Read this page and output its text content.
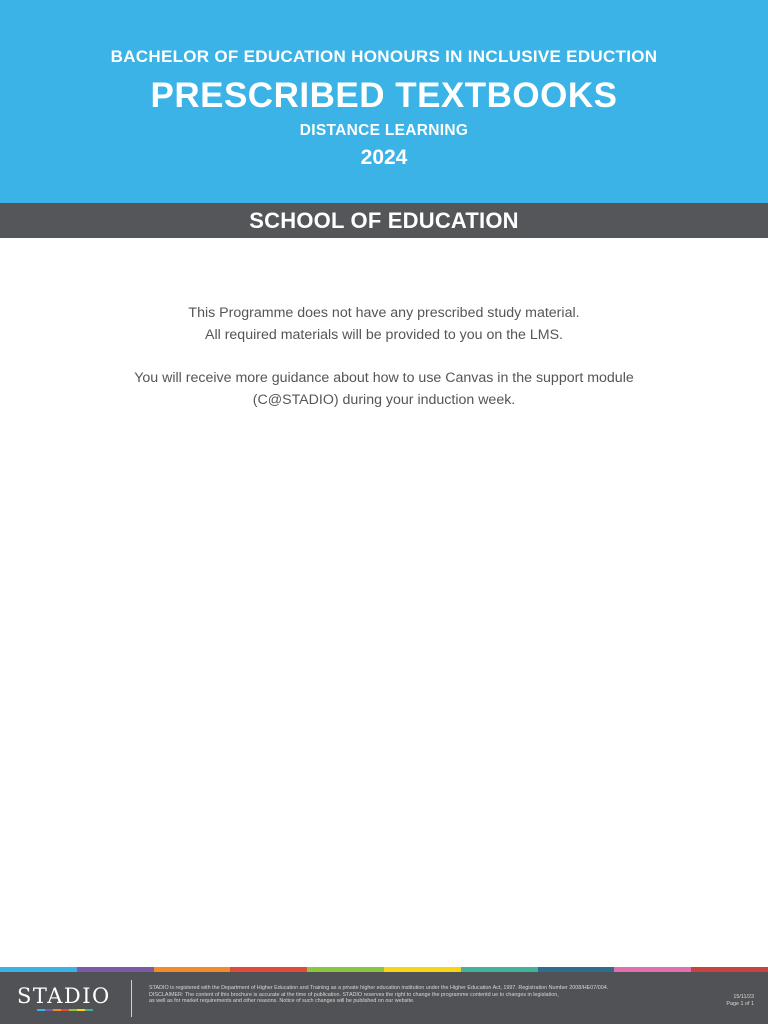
BACHELOR OF EDUCATION HONOURS IN INCLUSIVE EDUCTION
PRESCRIBED TEXTBOOKS
DISTANCE LEARNING
2024
SCHOOL OF EDUCATION

This Programme does not have any prescribed study material.

All required materials will be provided to you on the LMS.

You will receive more guidance about how to use Canvas in the support module

(C@STADIO) during your induction week.

STADIO	STADIO is registered with the Department of Higher Education and Training as a private higher education institution under the Higher Education Act, 1997. Registration Number 2008/HE07/004.
DISCLAIMER: The content of this brochure is accurate at the time of publication. STADIO reserves the right to change the programme contentd ue to changes in legislation,
as well as for market requirements and other reasons. Notice of such changes will be published on our website.
15/11/23
Page 1 of 1
